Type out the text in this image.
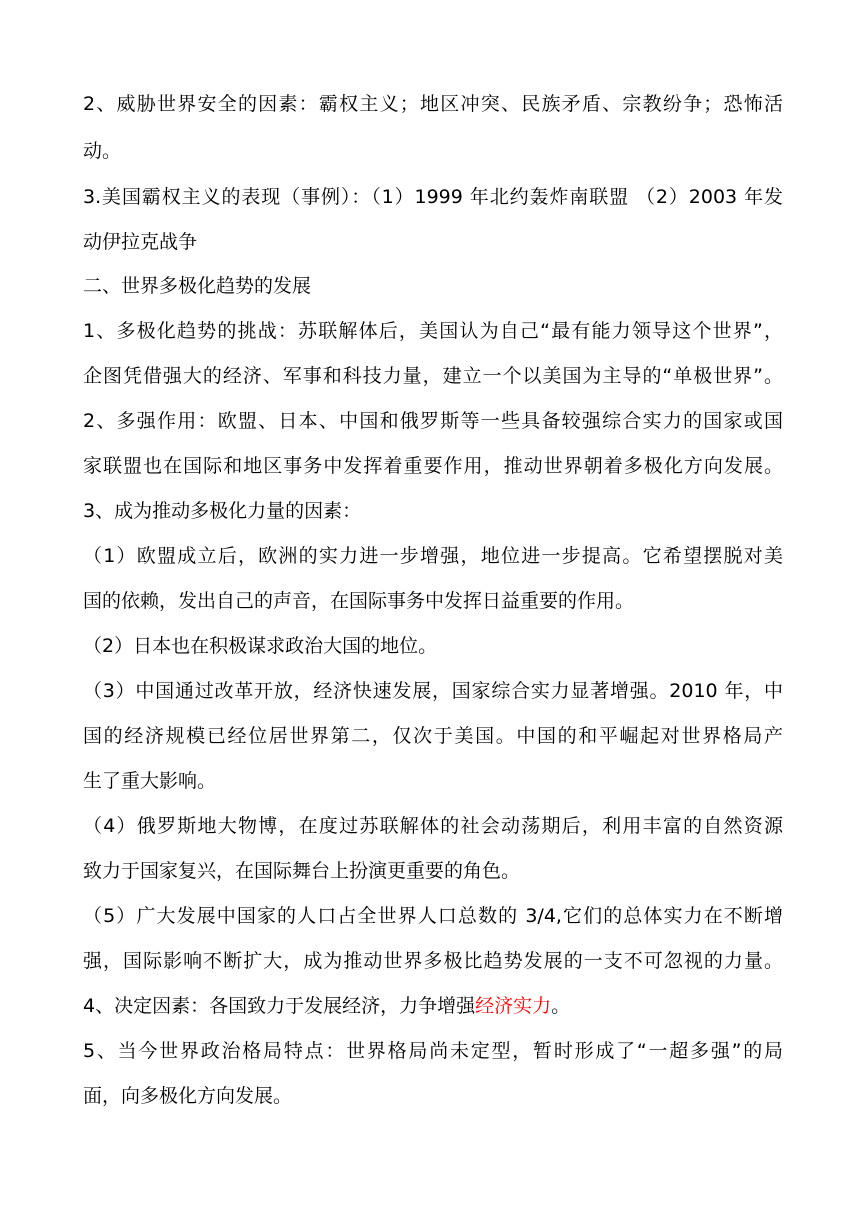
2、威胁世界安全的因素：霸权主义；地区冲突、民族矛盾、宗教纷争；恐怖活
动。
3.美国霸权主义的表现（事例）：（1）1999 年北约轰炸南联盟 （2）2003 年发
动伊拉克战争
二、世界多极化趋势的发展
1、多极化趋势的挑战：苏联解体后，美国认为自己“最有能力领导这个世界”，
企图凭借强大的经济、军事和科技力量，建立一个以美国为主导的“单极世界”。
2、多强作用：欧盟、日本、中国和俄罗斯等一些具备较强综合实力的国家或国
家联盟也在国际和地区事务中发挥着重要作用，推动世界朝着多极化方向发展。
3、成为推动多极化力量的因素：
（1）欧盟成立后，欧洲的实力进一步增强，地位进一步提高。它希望摆脱对美
国的依赖，发出自己的声音，在国际事务中发挥日益重要的作用。
（2）日本也在积极谋求政治大国的地位。
（3）中国通过改革开放，经济快速发展，国家综合实力显著增强。2010 年，中
国的经济规模已经位居世界第二，仅次于美国。中国的和平崛起对世界格局产
生了重大影响。
（4）俄罗斯地大物博，在度过苏联解体的社会动荡期后，利用丰富的自然资源
致力于国家复兴，在国际舞台上扮演更重要的角色。
（5）广大发展中国家的人口占全世界人口总数的 3/4,它们的总体实力在不断增
强，国际影响不断扩大，成为推动世界多极比趋势发展的一支不可忽视的力量。
4、决定因素：各国致力于发展经济，力争增强经济实力。
5、当今世界政治格局特点：世界格局尚未定型，暂时形成了“一超多强”的局
面，向多极化方向发展。
